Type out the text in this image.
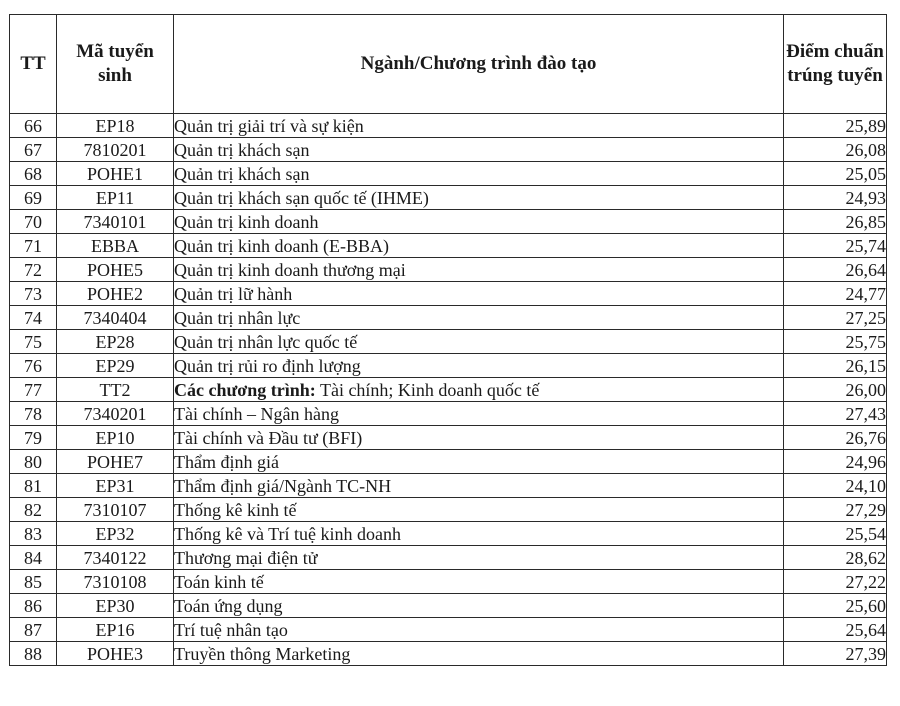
TT	Mã tuyển sinh	Ngành/Chương trình đào tạo	Điểm chuẩn trúng tuyển
66	EP18	Quản trị giải trí và sự kiện	25,89
67	7810201	Quản trị khách sạn	26,08
68	POHE1	Quản trị khách sạn	25,05
69	EP11	Quản trị khách sạn quốc tế (IHME)	24,93
70	7340101	Quản trị kinh doanh	26,85
71	EBBA	Quản trị kinh doanh (E-BBA)	25,74
72	POHE5	Quản trị kinh doanh thương mại	26,64
73	POHE2	Quản trị lữ hành	24,77
74	7340404	Quản trị nhân lực	27,25
75	EP28	Quản trị nhân lực quốc tế	25,75
76	EP29	Quản trị rủi ro định lượng	26,15
77	TT2	Các chương trình: Tài chính; Kinh doanh quốc tế	26,00
78	7340201	Tài chính – Ngân hàng	27,43
79	EP10	Tài chính và Đầu tư (BFI)	26,76
80	POHE7	Thẩm định giá	24,96
81	EP31	Thẩm định giá/Ngành TC-NH	24,10
82	7310107	Thống kê kinh tế	27,29
83	EP32	Thống kê và Trí tuệ kinh doanh	25,54
84	7340122	Thương mại điện tử	28,62
85	7310108	Toán kinh tế	27,22
86	EP30	Toán ứng dụng	25,60
87	EP16	Trí tuệ nhân tạo	25,64
88	POHE3	Truyền thông Marketing	27,39
